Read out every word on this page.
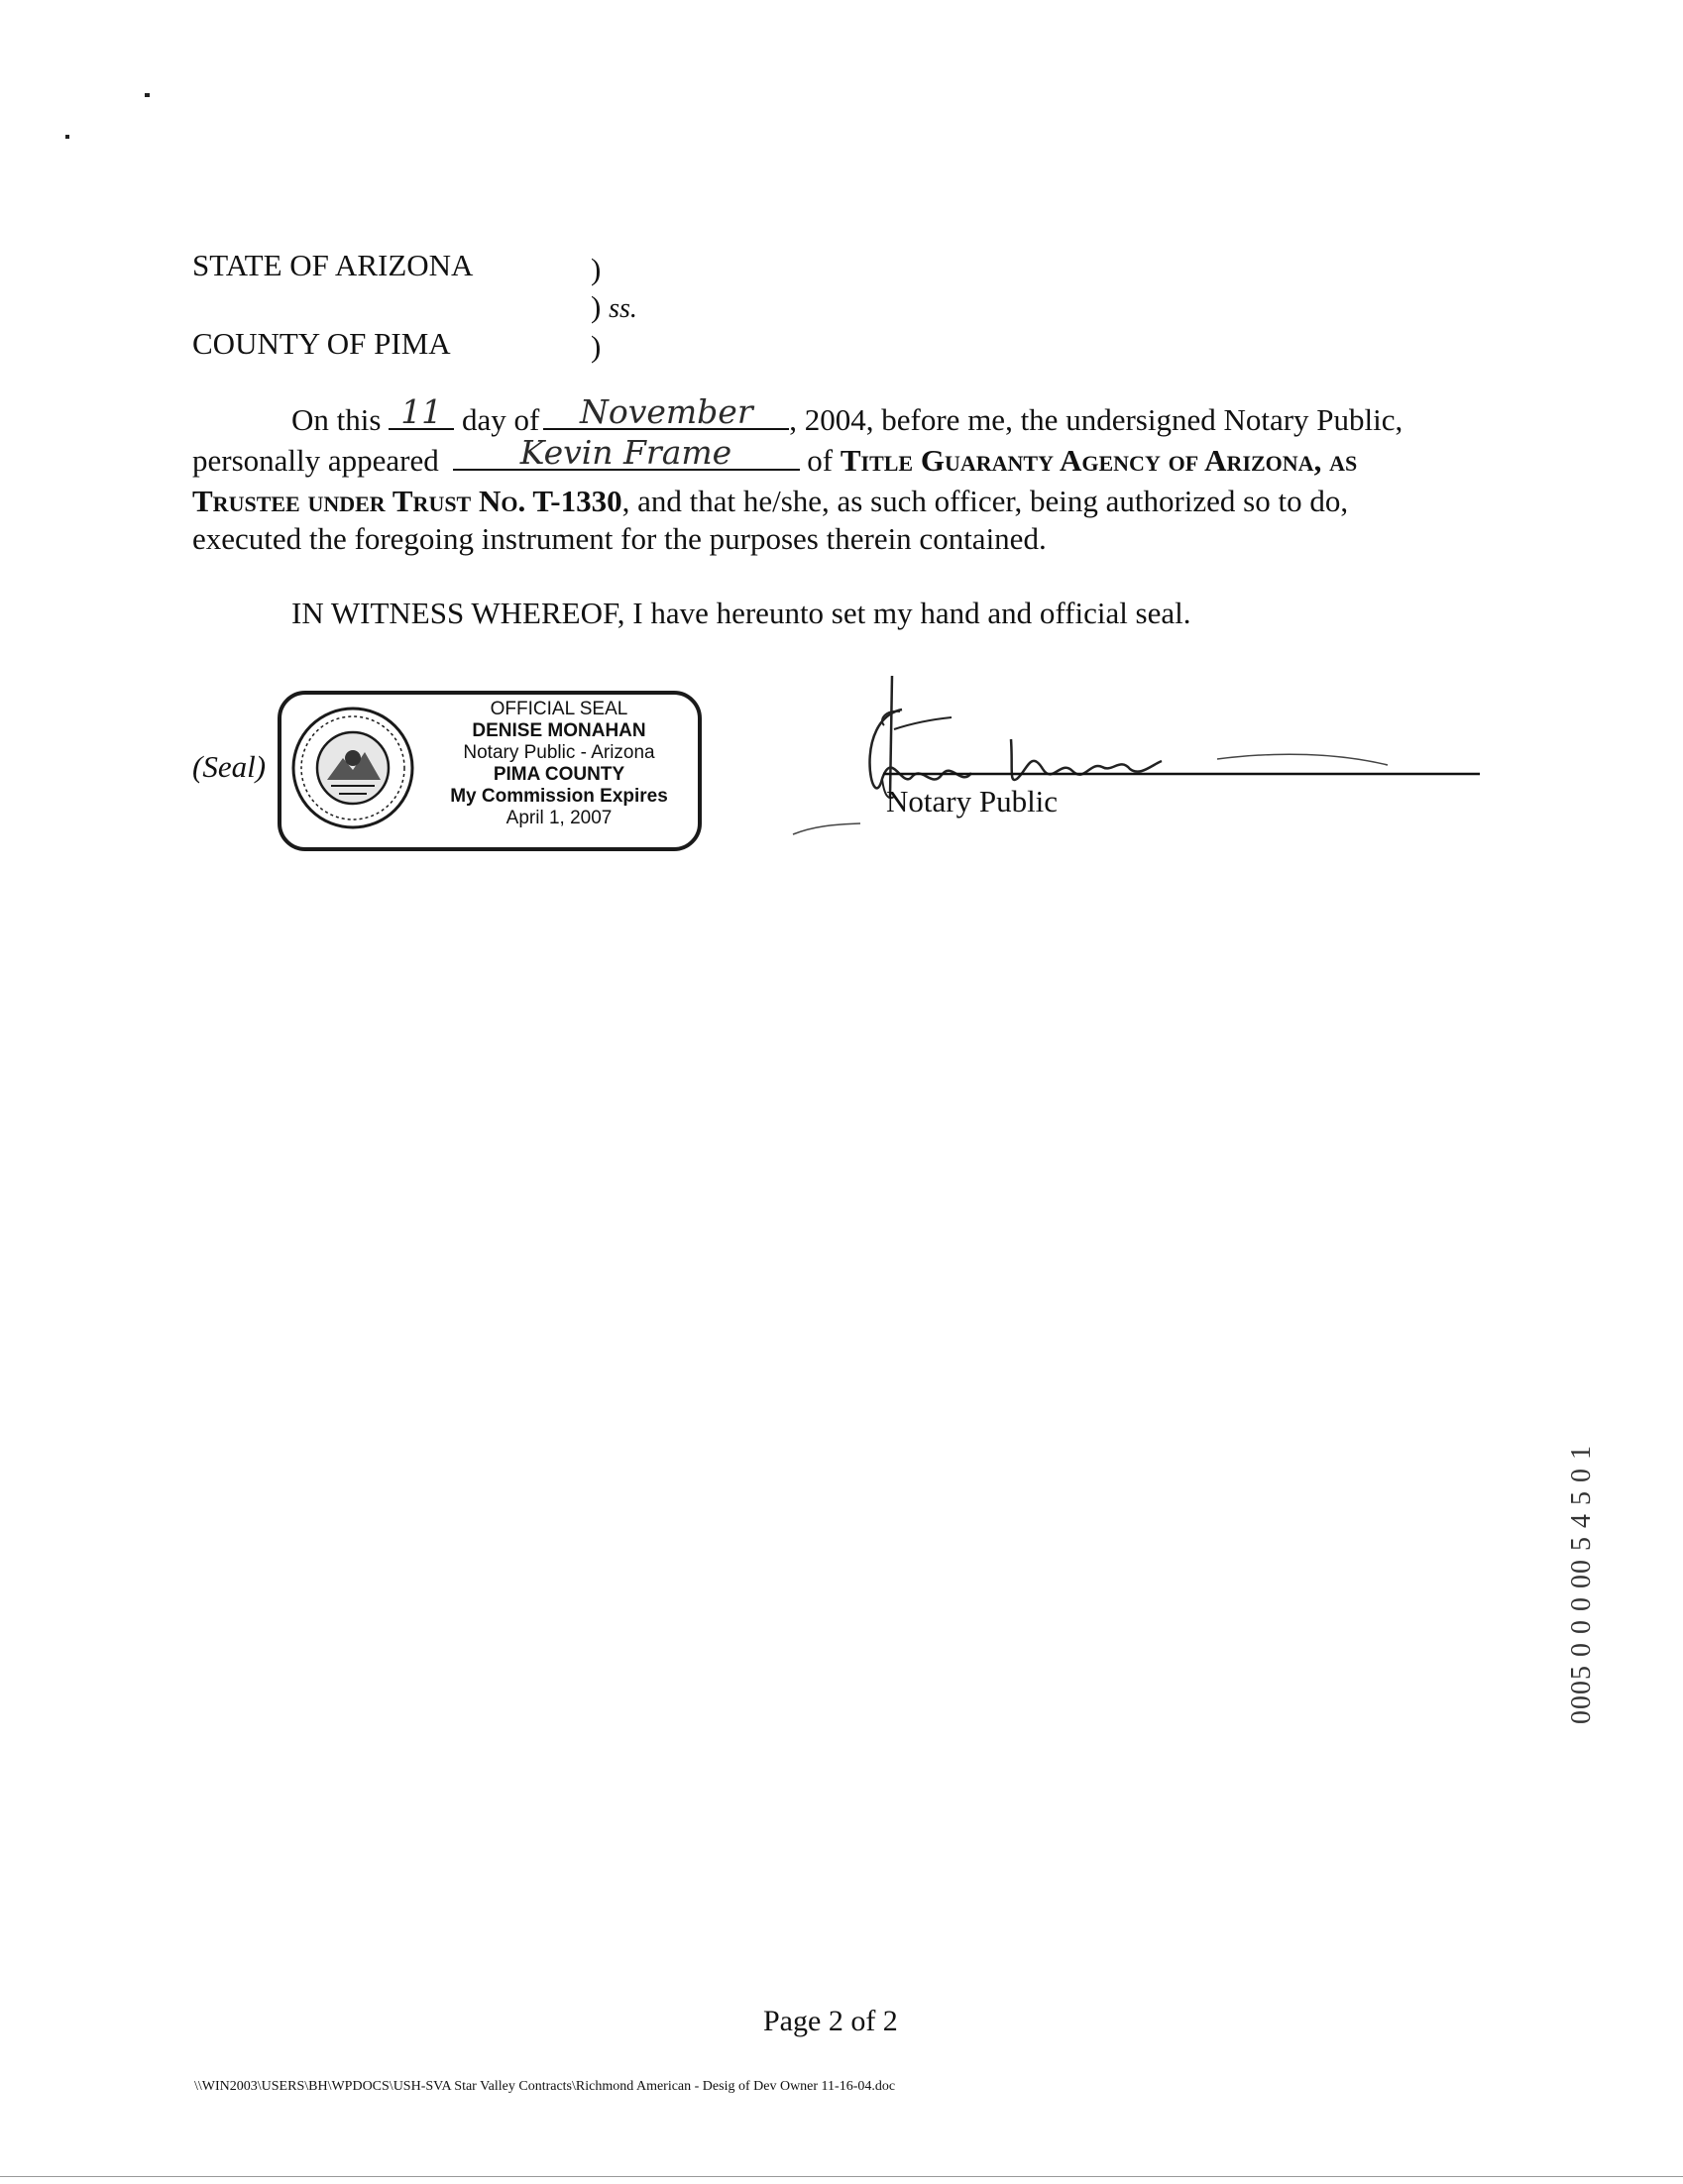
STATE OF ARIZONA	)
) ss.
COUNTY OF PIMA	)
On this 11 day of	November	, 2004, before me, the undersigned Notary Public,
personally appeared	Kevin Frame	of Title Guaranty Agency of Arizona, as
Trustee under Trust No. T-1330, and that he/she, as such officer, being authorized so to do,
executed the foregoing instrument for the purposes therein contained.
IN WITNESS WHEREOF, I have hereunto set my hand and official seal.
(Seal)
OFFICIAL SEAL
DENISE MONAHAN
Notary Public - Arizona
PIMA COUNTY
My Commission Expires
April 1, 2007	Notary Public
Page 2 of 2
\\WIN2003\USERS\BH\WPDOCS\USH-SVA Star Valley Contracts\Richmond American - Desig of Dev Owner 11-16-04.doc
0005 0 0 0 00 5 4 5 0 1
